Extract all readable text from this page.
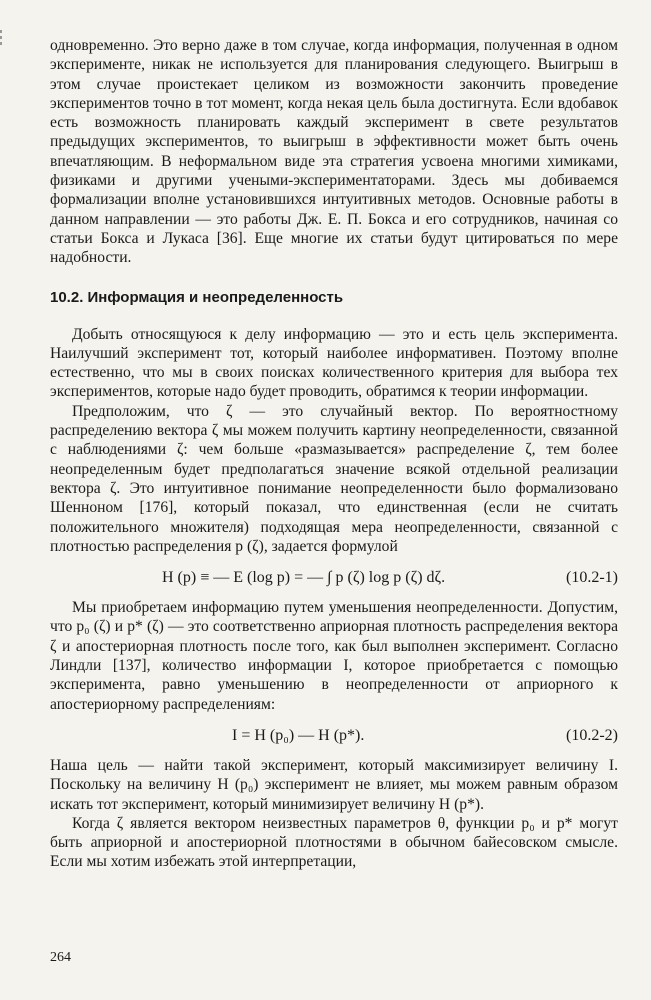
одновременно. Это верно даже в том случае, когда информация, полученная в одном эксперименте, никак не используется для планирования следующего. Выигрыш в этом случае проистекает целиком из возможности закончить проведение экспериментов точно в тот момент, когда некая цель была достигнута. Если вдобавок есть возможность планировать каждый эксперимент в свете результатов предыдущих экспериментов, то выигрыш в эффективности может быть очень впечатляющим. В неформальном виде эта стратегия усвоена многими химиками, физиками и другими учеными-экспериментаторами. Здесь мы добиваемся формализации вполне установившихся интуитивных методов. Основные работы в данном направлении — это работы Дж. Е. П. Бокса и его сотрудников, начиная со статьи Бокса и Лукаса [36]. Еще многие их статьи будут цитироваться по мере надобности.

10.2. Информация и неопределенность

Добыть относящуюся к делу информацию — это и есть цель эксперимента. Наилучший эксперимент тот, который наиболее информативен. Поэтому вполне естественно, что мы в своих поисках количественного критерия для выбора тех экспериментов, которые надо будет проводить, обратимся к теории информации.

Предположим, что ζ — это случайный вектор. По вероятностному распределению вектора ζ мы можем получить картину неопределенности, связанной с наблюдениями ζ: чем больше «размазывается» распределение ζ, тем более неопределенным будет предполагаться значение всякой отдельной реализации вектора ζ. Это интуитивное понимание неопределенности было формализовано Шенноном [176], который показал, что единственная (если не считать положительного множителя) подходящая мера неопределенности, связанной с плотностью распределения p (ζ), задается формулой

H (p) ≡ — E (log p) = — ∫ p (ζ) log p (ζ) dζ.	(10.2-1)

Мы приобретаем информацию путем уменьшения неопределенности. Допустим, что p₀ (ζ) и p* (ζ) — это соответственно априорная плотность распределения вектора ζ и апостериорная плотность после того, как был выполнен эксперимент. Согласно Линдли [137], количество информации I, которое приобретается с помощью эксперимента, равно уменьшению в неопределенности от априорного к апостериорному распределениям:

I = H (p₀) — H (p*).	(10.2-2)

Наша цель — найти такой эксперимент, который максимизирует величину I. Поскольку на величину H (p₀) эксперимент не влияет, мы можем равным образом искать тот эксперимент, который минимизирует величину H (p*).

Когда ζ является вектором неизвестных параметров θ, функции p₀ и p* могут быть априорной и апостериорной плотностями в обычном байесовском смысле. Если мы хотим избежать этой интерпретации,

264
